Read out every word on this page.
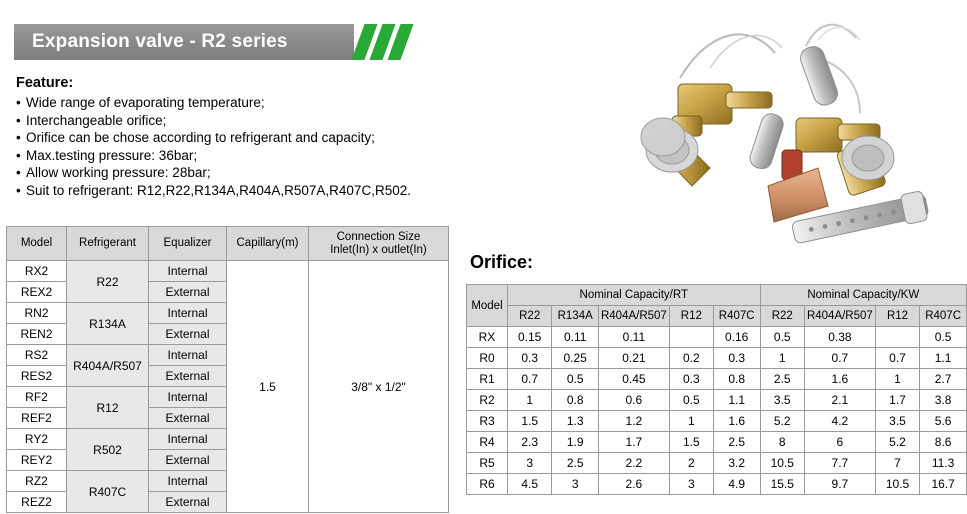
Expansion valve - R2 series
Feature:
• Wide range of evaporating temperature;
• Interchangeable orifice;
• Orifice can be chose according to refrigerant and capacity;
• Max.testing pressure: 36bar;
• Allow working pressure: 28bar;
• Suit to refrigerant: R12,R22,R134A,R404A,R507A,R407C,R502.
Model	Refrigerant	Equalizer	Capillary(m)	Connection Size
Inlet(In) x outlet(In)

RX2	R22	Internal	1.5	3/8" x 1/2"
REX2		External		
RN2	R134A	Internal		
REN2		External		
RS2	R404A/R507	Internal		
RES2		External		
RF2	R12	Internal		
REF2		External		
RY2	R502	Internal		
REY2		External		
RZ2	R407C	Internal		
REZ2		External		
Orifice:
Model	Nominal Capacity/RT					Nominal Capacity/KW			
	R22	R134A	R404A/R507	R12	R407C	R22	R404A/R507	R12	R407C
RX	0.15	0.11	0.11		0.16	0.5	0.38		0.5
R0	0.3	0.25	0.21	0.2	0.3	1	0.7	0.7	1.1
R1	0.7	0.5	0.45	0.3	0.8	2.5	1.6	1	2.7
R2	1	0.8	0.6	0.5	1.1	3.5	2.1	1.7	3.8
R3	1.5	1.3	1.2	1	1.6	5.2	4.2	3.5	5.6
R4	2.3	1.9	1.7	1.5	2.5	8	6	5.2	8.6
R5	3	2.5	2.2	2	3.2	10.5	7.7	7	11.3
R6	4.5	3	2.6	3	4.9	15.5	9.7	10.5	16.7
